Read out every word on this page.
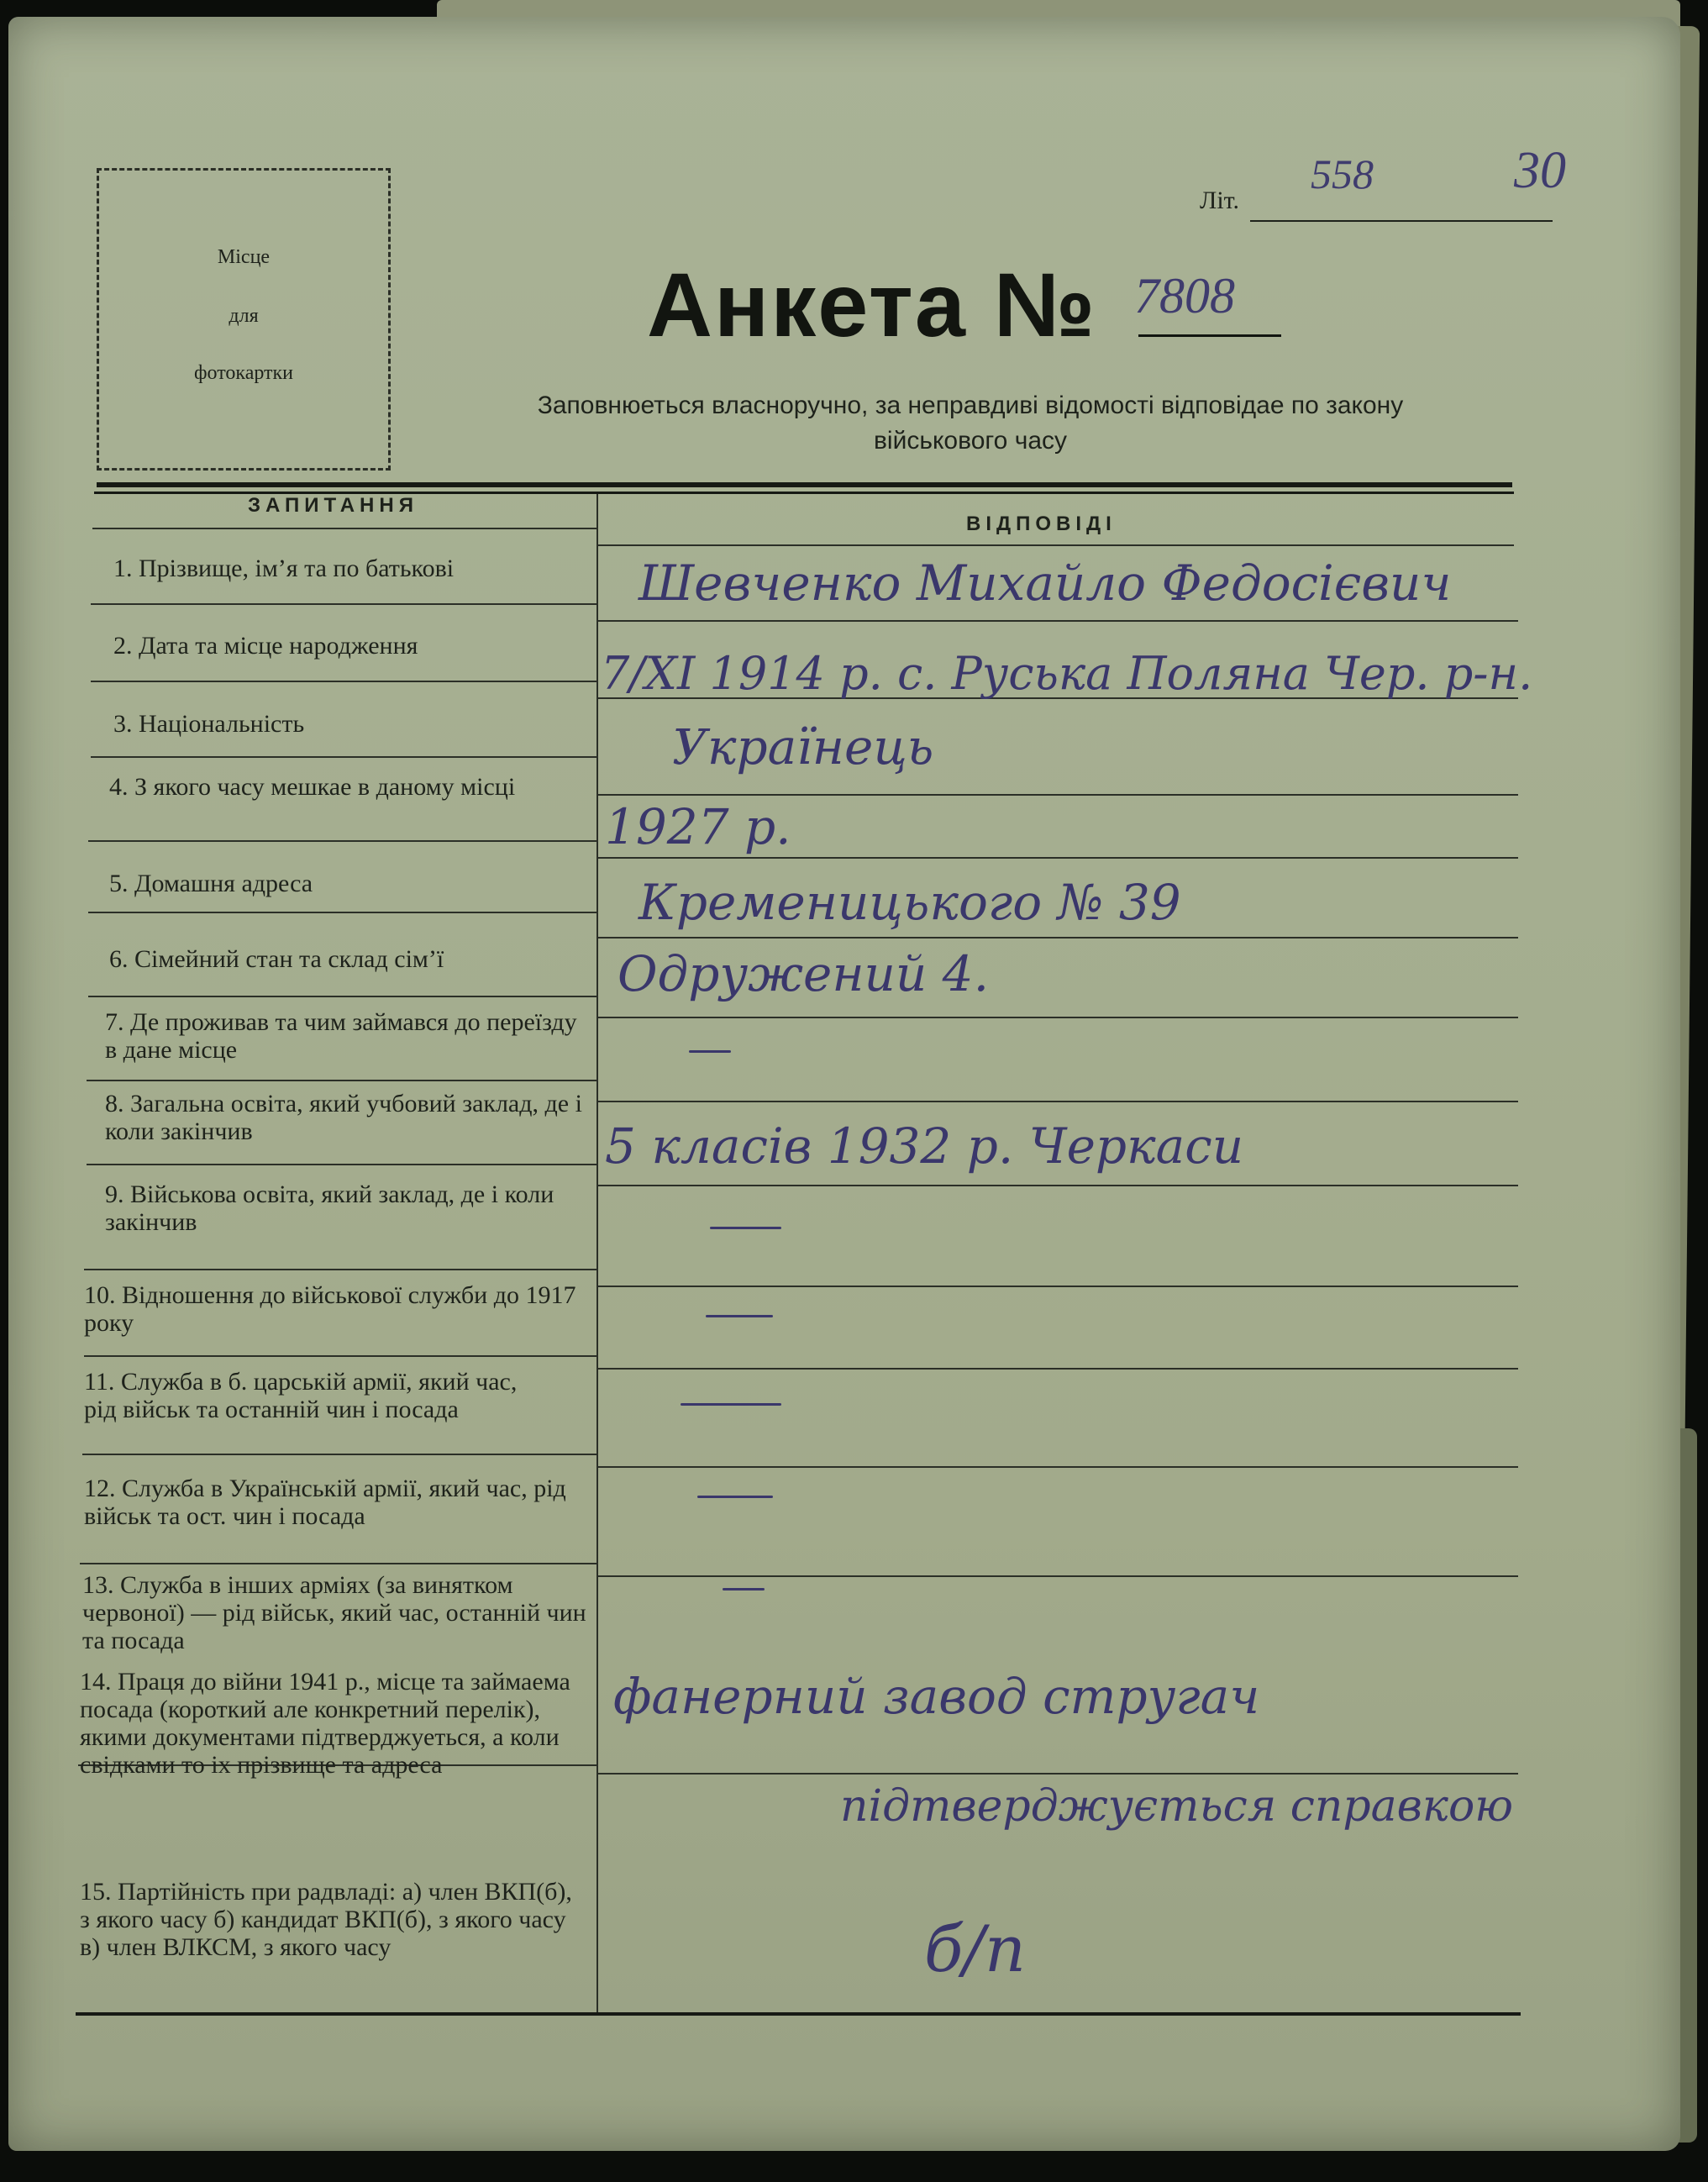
Місце
для
фотокартки
Літ.
558	30
Анкета № 7808
Заповнюеться власноручно, за неправдиві відомості відповідае по закону
військового часу
ЗАПИТАННЯ
ВІДПОВІДІ
1. Прізвище, ім’я та по батькові
2. Дата та місце народження
3. Національність
4. З якого часу мешкае в даному місці
5. Домашня адреса
6. Сімейний стан та склад сім’ї
7. Де проживав та чим займався до переїзду в дане місце
8. Загальна освіта, який учбовий заклад, де і коли закінчив
9. Військова освіта, який заклад, де і коли закінчив
10. Відношення до військової служби до 1917 року
11. Служба в б. царській армії, який час, рід військ та останній чин і посада
12. Служба в Українській армії, який час, рід військ та ост. чин і посада
13. Служба в інших арміях (за винятком червоної) — рід військ, який час, останній чин та посада
14. Праця до війни 1941 р., місце та займаема посада (короткий але конкретний перелік), якими документами підтверджуеться, а коли свідками то іх прізвище та адреса
15. Партійність при радвладі: а) член ВКП(б), з якого часу б) кандидат ВКП(б), з якого часу в) член ВЛКСМ, з якого часу
Шевченко Михайло Федосієвич
7/XI 1914 р. с. Руська Поляна Чер. р-н.
Українець
1927 р.
Кременицького № 39
Одружений 4.
5 класів 1932 р. Черкаси
фанерний завод стругач
підтверджується справкою
б/п
